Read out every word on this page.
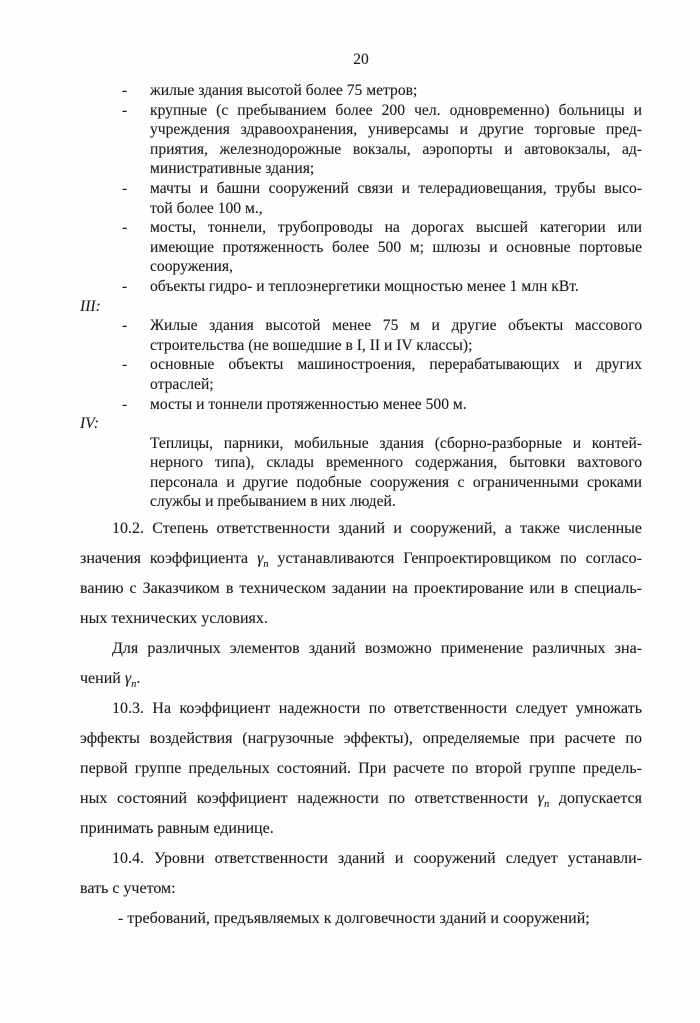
20
- жилые здания высотой более 75 метров;
- крупные (с пребыванием более 200 чел. одновременно) больницы и
учреждения здравоохранения, универсамы и другие торговые пред-
приятия, железнодорожные вокзалы, аэропорты и автовокзалы, ад-
министративные здания;
- мачты и башни сооружений связи и телерадиовещания, трубы высо-
той более 100 м.,
- мосты, тоннели, трубопроводы на дорогах высшей категории или
имеющие протяженность более 500 м; шлюзы и основные портовые
сооружения,
- объекты гидро- и теплоэнергетики мощностью менее 1 млн кВт.
III:
- Жилые здания высотой менее 75 м и другие объекты массового
строительства (не вошедшие в I, II и IV классы);
- основные объекты машиностроения, перерабатывающих и других
отраслей;
- мосты и тоннели протяженностью менее 500 м.
IV:
Теплицы, парники, мобильные здания (сборно-разборные и контей-
нерного типа), склады временного содержания, бытовки вахтового
персонала и другие подобные сооружения с ограниченными сроками
службы и пребыванием в них людей.
10.2. Степень ответственности зданий и сооружений, а также численные
значения коэффициента $\gamma_n$ устанавливаются Генпроектировщиком по согласо-
ванию с Заказчиком в техническом задании на проектирование или в специаль-
ных технических условиях.
Для различных элементов зданий возможно применение различных зна-
чений $\gamma_n$.
10.3. На коэффициент надежности по ответственности следует умножать
эффекты воздействия (нагрузочные эффекты), определяемые при расчете по
первой группе предельных состояний. При расчете по второй группе предель-
ных состояний коэффициент надежности по ответственности $\gamma_n$ допускается
принимать равным единице.
10.4. Уровни ответственности зданий и сооружений следует устанавли-
вать с учетом:
- требований, предъявляемых к долговечности зданий и сооружений;
